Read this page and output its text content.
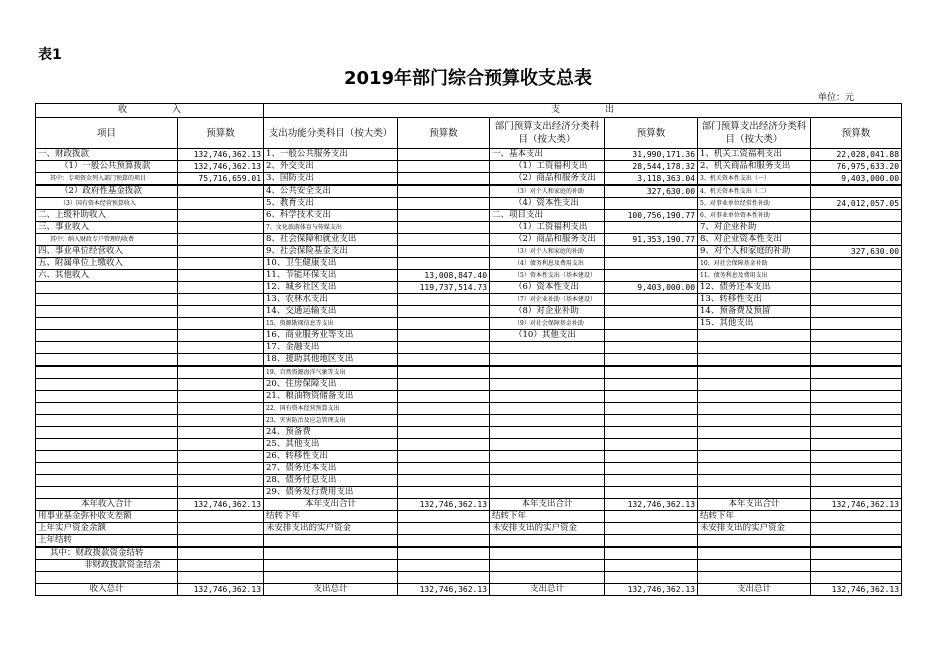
表1
2019年部门综合预算收支总表
单位：元
收　　　　　入		支　　　　　出					
项目	预算数	支出功能分类科目（按大类）	预算数	部门预算支出经济分类科目（按大类）	预算数	部门预算支出经济分类科目（按大类）	预算数
一、财政拨款	132,746,362.13	1、一般公共服务支出		一、基本支出	31,990,171.36	1、机关工资福利支出	22,028,041.88
（1）一般公共预算拨款	132,746,362.13	2、外交支出		（1）工资福利支出	28,544,178.32	2、机关商品和服务支出	76,975,633.20
其中：专项资金列入部门预算的项目	75,716,659.01	3、国防支出		（2）商品和服务支出	3,118,363.04	3、机关资本性支出（一）	9,403,000.00
（2）政府性基金拨款		4、公共安全支出		（3）对个人和家庭的补助	327,630.00	4、机关资本性支出（二）	
（3）国有资本经营预算收入		5、教育支出		（4）资本性支出		5、对事业单位经常性补助	24,012,057.05
二、上级补助收入		6、科学技术支出		二、项目支出	100,756,190.77	6、对事业单位资本性补助	
三、事业收入		7、文化旅游体育与传媒支出		（1）工资福利支出		7、对企业补助	
其中：纳入财政专户管理的收费		8、社会保障和就业支出		（2）商品和服务支出	91,353,190.77	8、对企业资本性支出	
四、事业单位经营收入		9、社会保险基金支出		（3）对个人和家庭的补助		9、对个人和家庭的补助	327,630.00
五、附属单位上缴收入		10、卫生健康支出		（4）债务利息及费用支出		10、对社会保障基金补助	
六、其他收入		11、节能环保支出	13,008,847.40	（5）资本性支出（基本建设）		11、债务利息及费用支出	
		12、城乡社区支出	119,737,514.73	（6）资本性支出	9,403,000.00	12、债务还本支出	
		13、农林水支出		（7）对企业补助（基本建设）		13、转移性支出	
		14、交通运输支出		（8）对企业补助		14、预备费及预留	
		15、资源勘探信息等支出		（9）对社会保障基金补助		15、其他支出	
		16、商业服务业等支出		（10）其他支出			
		17、金融支出					
		18、援助其他地区支出					
		19、自然资源海洋气象等支出					
		20、住房保障支出					
		21、粮油物资储备支出					
		22、国有资本经营预算支出					
		23、灾害防治及应急管理支出					
		24、预备费					
		25、其他支出					
		26、转移性支出					
		27、债务还本支出					
		28、债务付息支出					
		29、债务发行费用支出					
本年收入合计	132,746,362.13	本年支出合计	132,746,362.13	本年支出合计	132,746,362.13	本年支出合计	132,746,362.13
用事业基金弥补收支差额		结转下年		结转下年		结转下年	
上年实户资金余额		未安排支出的实户资金		未安排支出的实户资金		未安排支出的实户资金	
上年结转							
其中：财政拨款资金结转							
非财政拨款资金结余							

收入总计	132,746,362.13	支出总计	132,746,362.13	支出总计	132,746,362.13	支出总计	132,746,362.13
